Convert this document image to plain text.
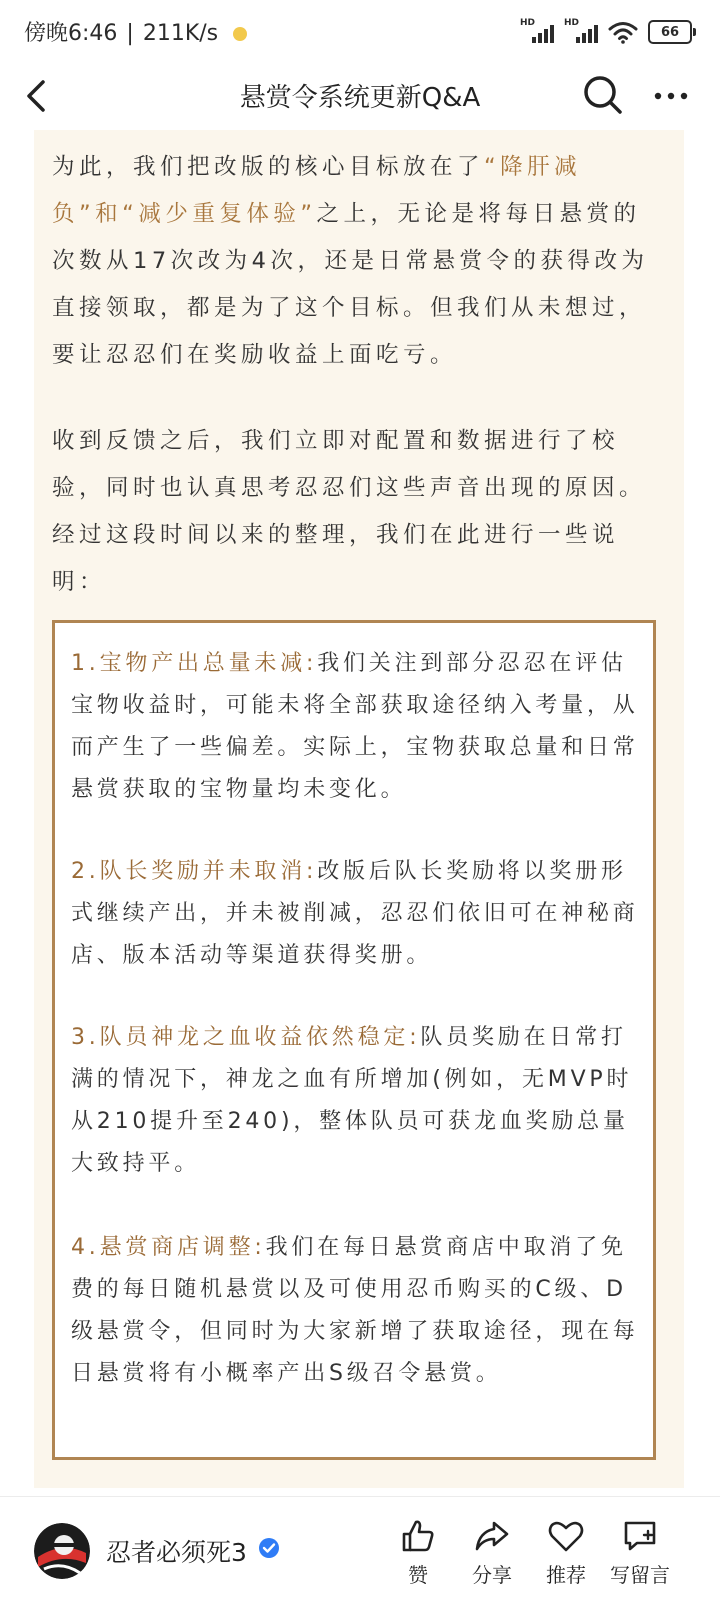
傍晚6:46 | 211K/s	HD	HD
66
悬赏令系统更新Q&A

为此，我们把改版的核心目标放在了“降肝减负”和“减少重复体验”之上，无论是将每日悬赏的次数从17次改为4次，还是日常悬赏令的获得改为直接领取，都是为了这个目标。但我们从未想过，要让忍忍们在奖励收益上面吃亏。

收到反馈之后，我们立即对配置和数据进行了校验，同时也认真思考忍忍们这些声音出现的原因。经过这段时间以来的整理，我们在此进行一些说明：

1.宝物产出总量未减:我们关注到部分忍忍在评估宝物收益时，可能未将全部获取途径纳入考量，从而产生了一些偏差。实际上，宝物获取总量和日常悬赏获取的宝物量均未变化。

2.队长奖励并未取消:改版后队长奖励将以奖册形式继续产出，并未被削减，忍忍们依旧可在神秘商店、版本活动等渠道获得奖册。

3.队员神龙之血收益依然稳定:队员奖励在日常打满的情况下，神龙之血有所增加(例如，无MVP时从210提升至240)，整体队员可获龙血奖励总量大致持平。

4.悬赏商店调整:我们在每日悬赏商店中取消了免费的每日随机悬赏以及可使用忍币购买的C级、D级悬赏令，但同时为大家新增了获取途径，现在每日悬赏将有小概率产出S级召令悬赏。

忍者必须死3
赞	分享	推荐	写留言
